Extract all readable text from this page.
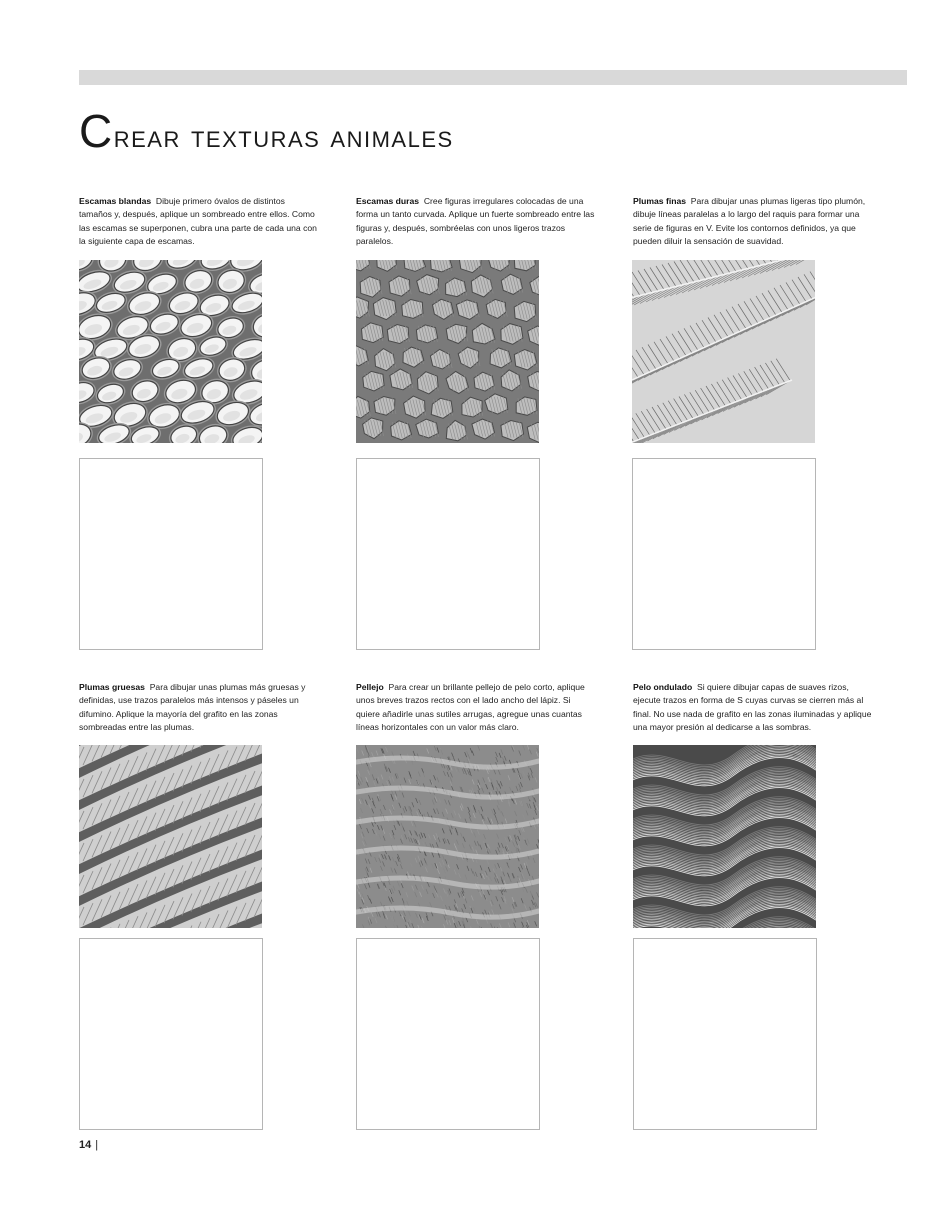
Crear texturas animales

Escamas blandas Dibuje primero óvalos de distintos tamaños y, después, aplique un sombreado entre ellos. Como las escamas se superponen, cubra una parte de cada una con la siguiente capa de escamas.

Escamas duras Cree figuras irregulares colocadas de una forma un tanto curvada. Aplique un fuerte sombreado entre las figuras y, después, sombréelas con unos ligeros trazos paralelos.

Plumas finas Para dibujar unas plumas ligeras tipo plumón, dibuje líneas paralelas a lo largo del raquis para formar una serie de figuras en V. Evite los contornos definidos, ya que pueden diluir la sensación de suavidad.

Plumas gruesas Para dibujar unas plumas más gruesas y definidas, use trazos paralelos más intensos y páseles un difumino. Aplique la mayoría del grafito en las zonas sombreadas entre las plumas.

Pellejo Para crear un brillante pellejo de pelo corto, aplique unos breves trazos rectos con el lado ancho del lápiz. Si quiere añadirle unas sutiles arrugas, agregue unas cuantas líneas horizontales con un valor más claro.

Pelo ondulado Si quiere dibujar capas de suaves rizos, ejecute trazos en forma de S cuyas curvas se cierren más al final. No use nada de grafito en las zonas iluminadas y aplique una mayor presión al dedicarse a las sombras.

14 |
